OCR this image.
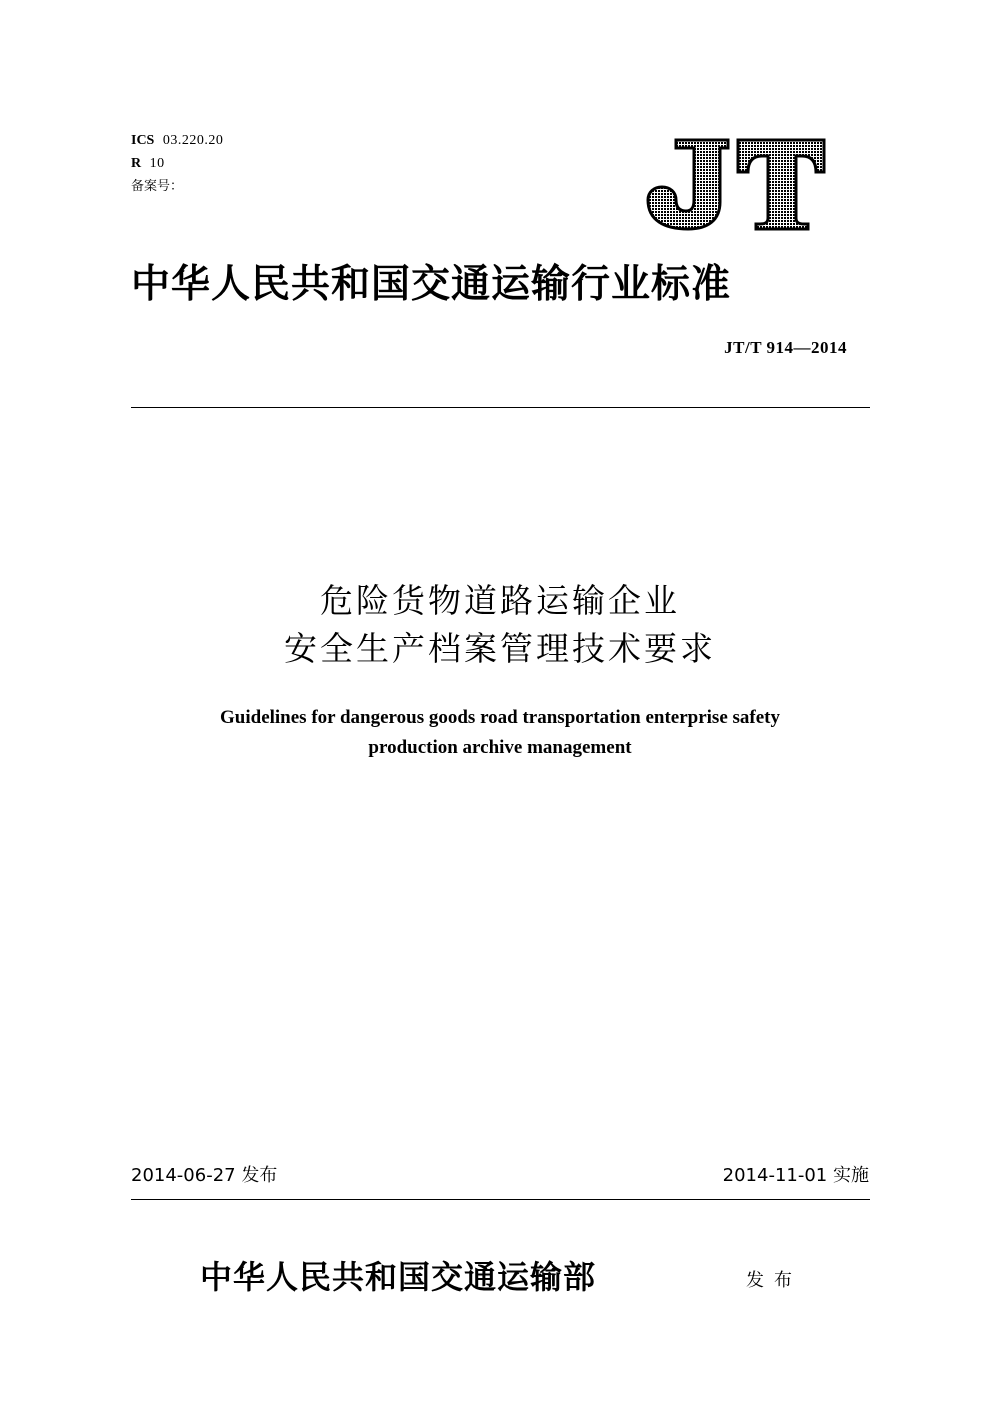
ICS 03.220.20
R 10
备案号：
中华人民共和国交通运输行业标准
JT/T 914—2014
危险货物道路运输企业
安全生产档案管理技术要求
Guidelines for dangerous goods road transportation enterprise safety
production archive management
2014-06-27 发布	2014-11-01 实施
中华人民共和国交通运输部	发布
